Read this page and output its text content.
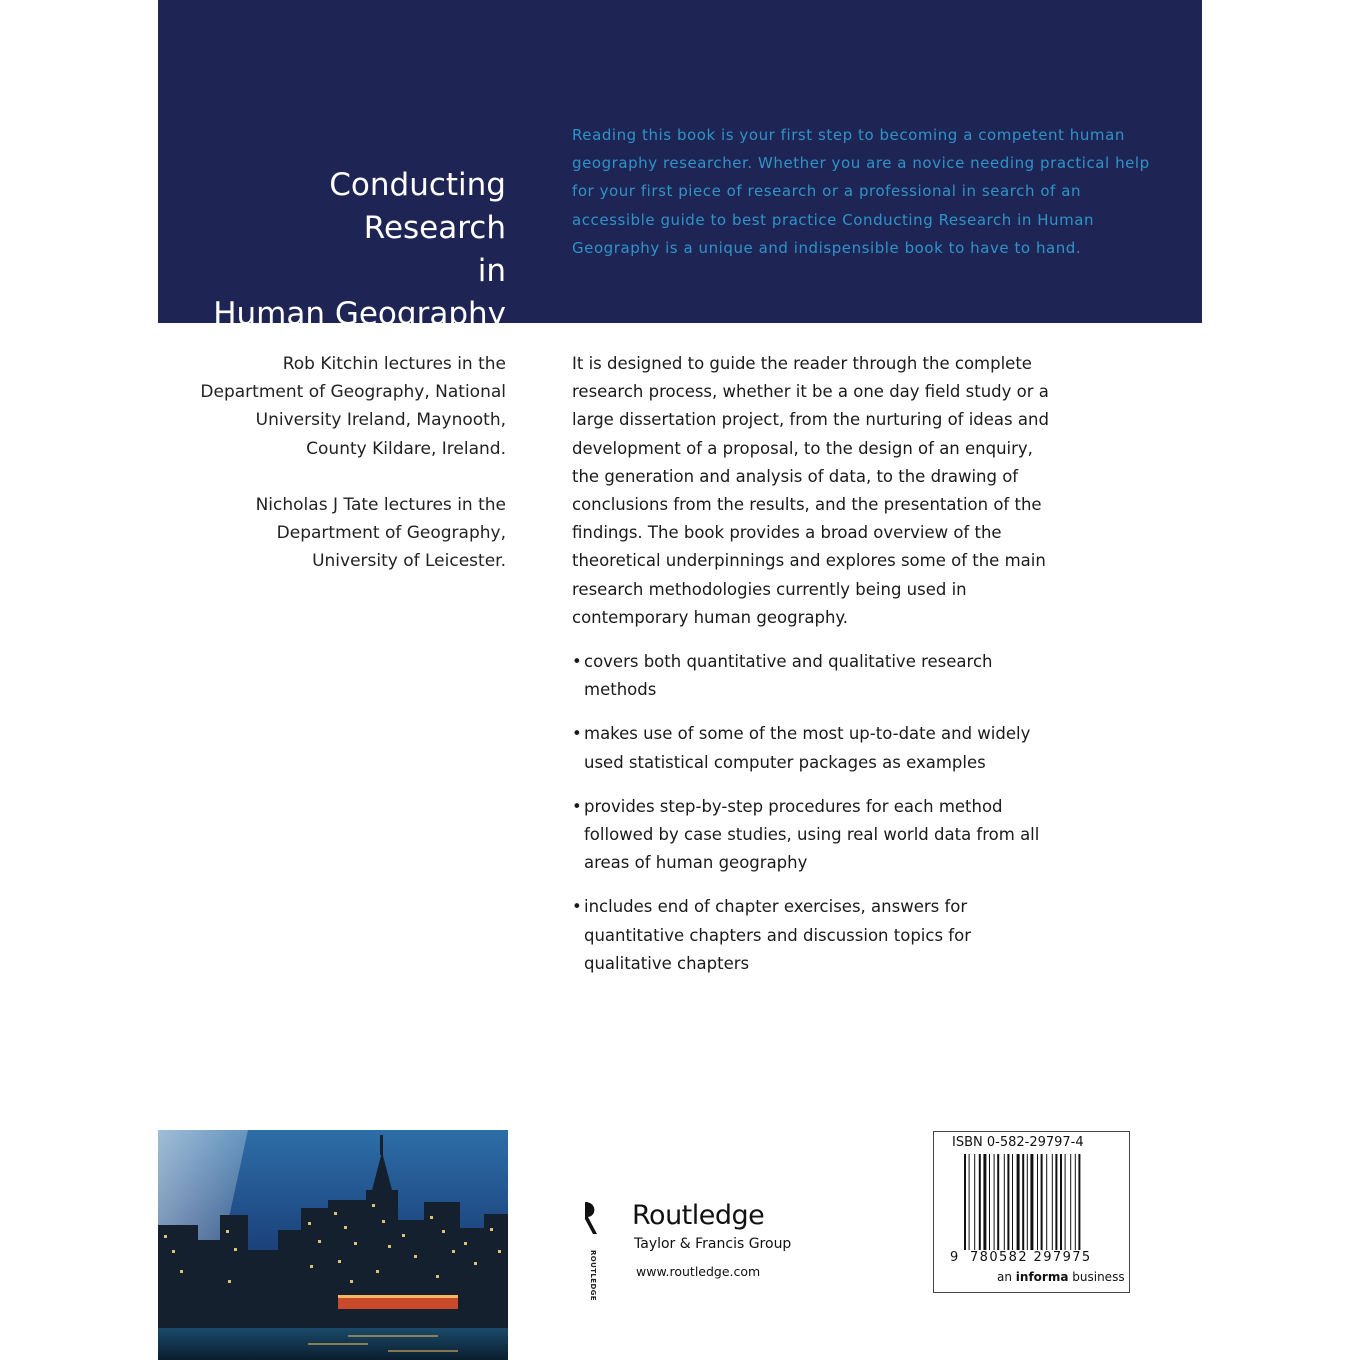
Conducting Research
in
Human Geography

Reading this book is your first step to becoming a competent human geography researcher. Whether you are a novice needing practical help for your first piece of research or a professional in search of an accessible guide to best practice Conducting Research in Human Geography is a unique and indispensible book to have to hand.

Rob Kitchin lectures in the Department of Geography, National University Ireland, Maynooth, County Kildare, Ireland.

Nicholas J Tate lectures in the Department of Geography, University of Leicester.

It is designed to guide the reader through the complete research process, whether it be a one day field study or a large dissertation project, from the nurturing of ideas and development of a proposal, to the design of an enquiry, the generation and analysis of data, to the drawing of conclusions from the results, and the presentation of the findings. The book provides a broad overview of the theoretical underpinnings and explores some of the main research methodologies currently being used in contemporary human geography.

• covers both quantitative and qualitative research methods
• makes use of some of the most up-to-date and widely used statistical computer packages as examples
• provides step-by-step procedures for each method followed by case studies, using real world data from all areas of human geography
• includes end of chapter exercises, answers for quantitative chapters and discussion topics for qualitative chapters
ROUTLEDGE
Routledge
Taylor & Francis Group
www.routledge.com
ISBN 0-582-29797-4
9 780582 297975
an informa business
